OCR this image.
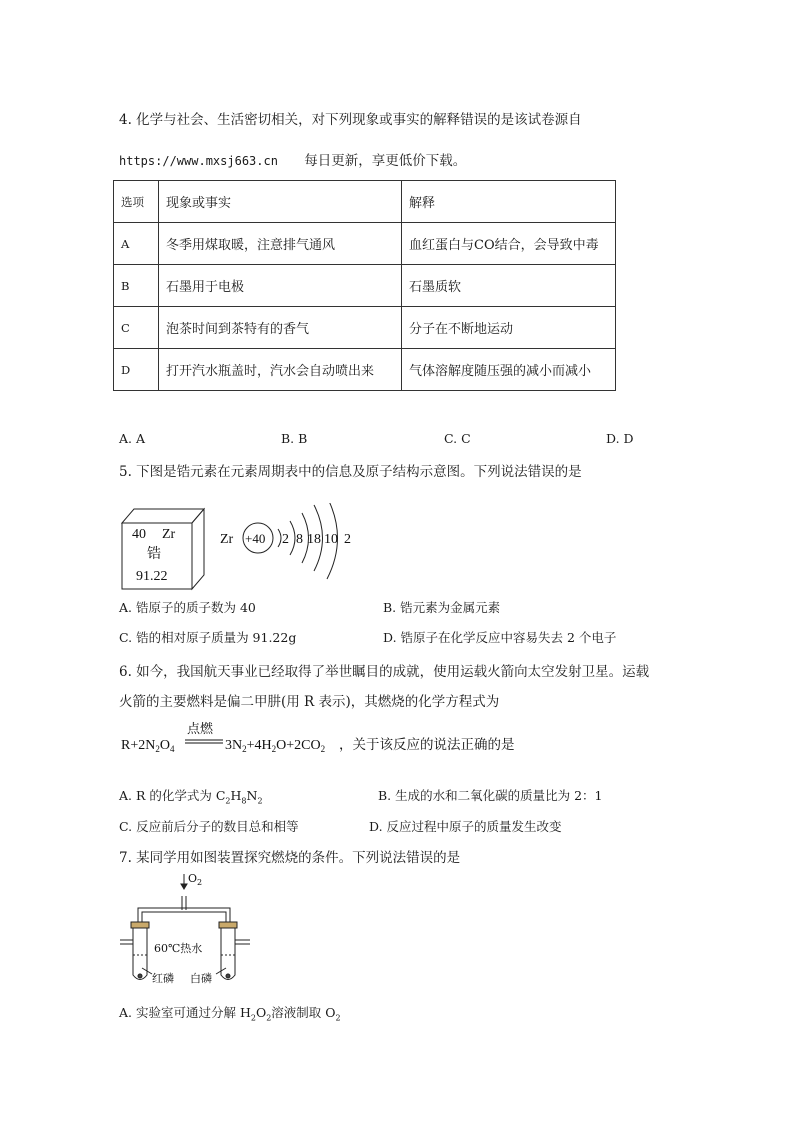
4. 化学与社会、生活密切相关，对下列现象或事实的解释错误的是该试卷源自
https://www.mxsj663.cn 每日更新，享更低价下载。
选项	现象或事实	解释
A	冬季用煤取暖，注意排气通风	血红蛋白与CO结合，会导致中毒
B	石墨用于电极	石墨质软
C	泡茶时间到茶特有的香气	分子在不断地运动
D	打开汽水瓶盖时，汽水会自动喷出来	气体溶解度随压强的减小而减小
A. A	B. B	C. C	D. D
5. 下图是锆元素在元素周期表中的信息及原子结构示意图。下列说法错误的是
40 Zr
锆
91.22
Zr +40 2 8 18 10 2
A. 锆原子的质子数为 40	B. 锆元素为金属元素
C. 锆的相对原子质量为 91.22g	D. 锆原子在化学反应中容易失去 2 个电子
6. 如今，我国航天事业已经取得了举世瞩目的成就，使用运载火箭向太空发射卫星。运载
火箭的主要燃料是偏二甲肼(用 R 表示)，其燃烧的化学方程式为
$R+2N_2O_4$
点燃
$3N_2+4H_2O+2CO_2$ ，关于该反应的说法正确的是
A. R 的化学式为 $C_2H_8N_2$	B. 生成的水和二氧化碳的质量比为 2：1
C. 反应前后分子的数目总和相等	D. 反应过程中原子的质量发生改变
7. 某同学用如图装置探究燃烧的条件。下列说法错误的是
$O_2$
60℃热水
红磷 白磷
A. 实验室可通过分解 $H_2O_2$溶液制取 $O_2$
